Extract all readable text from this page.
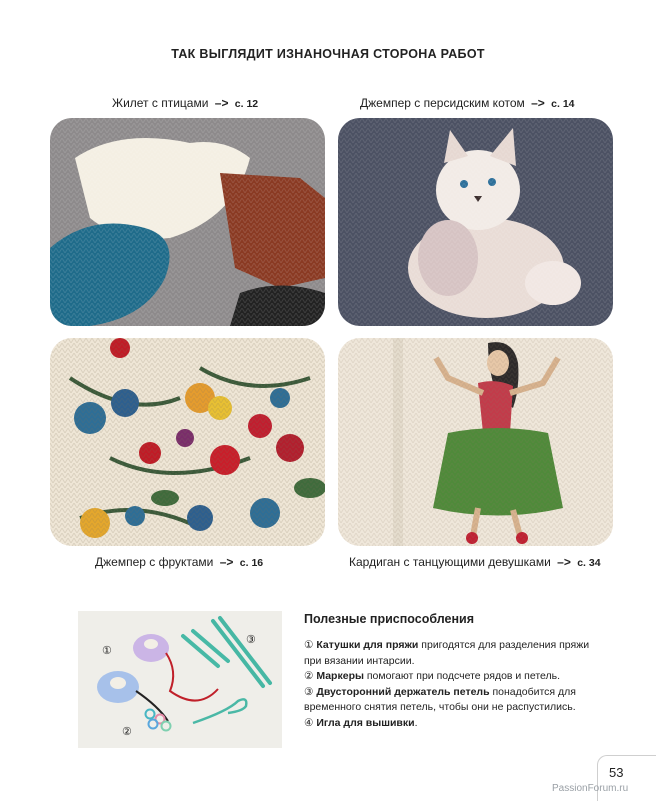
ТАК ВЫГЛЯДИТ ИЗНАНОЧНАЯ СТОРОНА РАБОТ
Жилет с птицами –> с. 12	Джемпер с персидским котом –> с. 14
Джемпер с фруктами –> с. 16	Кардиган с танцующими девушками –> с. 34
①
②
③
Полезные приспособления

① Катушки для пряжи пригодятся для разделения пряжи при вязании интарсии.

② Маркеры помогают при подсчете рядов и петель.

③ Двусторонний держатель петель понадобится для временного снятия петель, чтобы они не распустились.

④ Игла для вышивки.

53
PassionForum.ru
